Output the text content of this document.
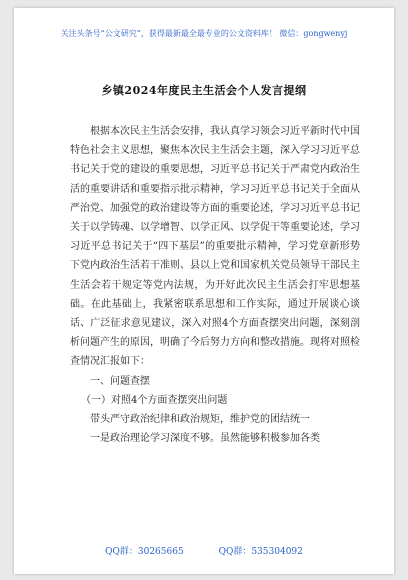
关注头条号“公文研究”，获得最新最全最专业的公文资料库！ 微信：gongwenyj
乡镇2024年度民主生活会个人发言提纲

根据本次民主生活会安排，我认真学习领会习近平新时代中国特色社会主义思想，聚焦本次民主生活会主题，深入学习习近平总书记关于党的建设的重要思想，习近平总书记关于严肃党内政治生活的重要讲话和重要指示批示精神，学习习近平总书记关于全面从严治党、加强党的政治建设等方面的重要论述，学习习近平总书记关于以学铸魂、以学增智、以学正风、以学促干等重要论述，学习习近平总书记关于“四下基层”的重要批示精神，学习党章新形势下党内政治生活若干准则、县以上党和国家机关党员领导干部民主生活会若干规定等党内法规，为开好此次民主生活会打牢思想基础。在此基础上，我紧密联系思想和工作实际，通过开展谈心谈话、广泛征求意见建议，深入对照4个方面查摆突出问题，深刻剖析问题产生的原因，明确了今后努力方向和整改措施。现将对照检查情况汇报如下：

一、问题查摆

（一）对照4个方面查摆突出问题

带头严守政治纪律和政治规矩，维护党的团结统一

一是政治理论学习深度不够。虽然能够积极参加各类

QQ群：30265665	QQ群：535304092
